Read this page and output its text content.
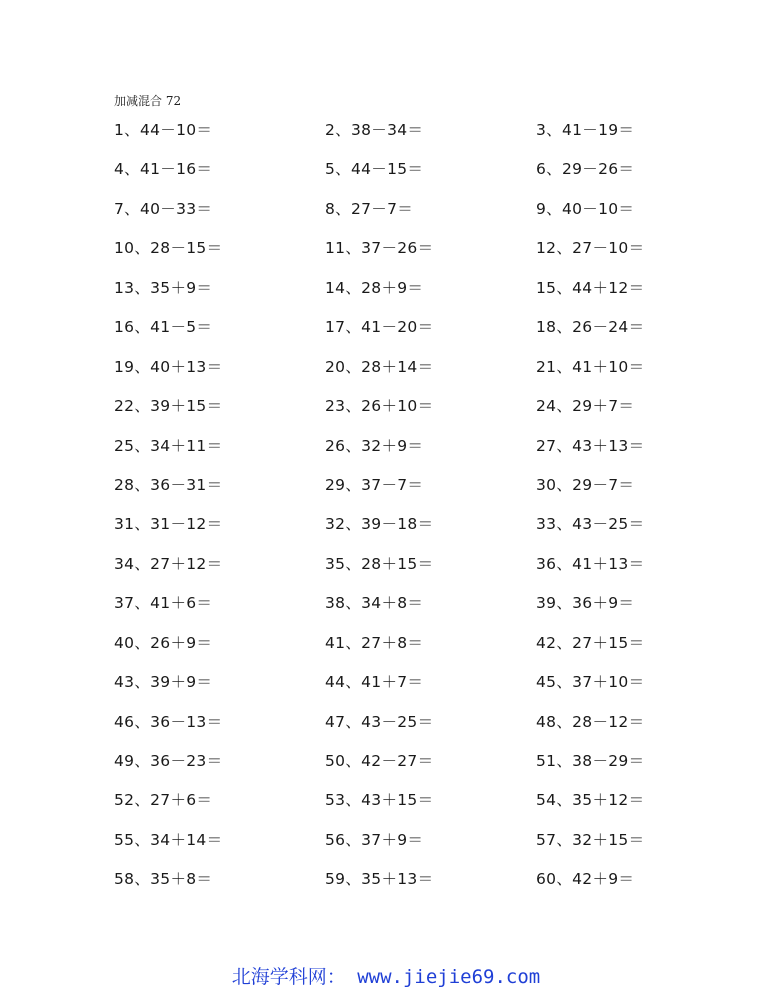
加减混合 72
1、44－10＝	2、38－34＝	3、41－19＝
4、41－16＝	5、44－15＝	6、29－26＝
7、40－33＝	8、27－7＝	9、40－10＝
10、28－15＝	11、37－26＝	12、27－10＝
13、35＋9＝	14、28＋9＝	15、44＋12＝
16、41－5＝	17、41－20＝	18、26－24＝
19、40＋13＝	20、28＋14＝	21、41＋10＝
22、39＋15＝	23、26＋10＝	24、29＋7＝
25、34＋11＝	26、32＋9＝	27、43＋13＝
28、36－31＝	29、37－7＝	30、29－7＝
31、31－12＝	32、39－18＝	33、43－25＝
34、27＋12＝	35、28＋15＝	36、41＋13＝
37、41＋6＝	38、34＋8＝	39、36＋9＝
40、26＋9＝	41、27＋8＝	42、27＋15＝
43、39＋9＝	44、41＋7＝	45、37＋10＝
46、36－13＝	47、43－25＝	48、28－12＝
49、36－23＝	50、42－27＝	51、38－29＝
52、27＋6＝	53、43＋15＝	54、35＋12＝
55、34＋14＝	56、37＋9＝	57、32＋15＝
58、35＋8＝	59、35＋13＝	60、42＋9＝
北海学科网： www.jiejie69.com
